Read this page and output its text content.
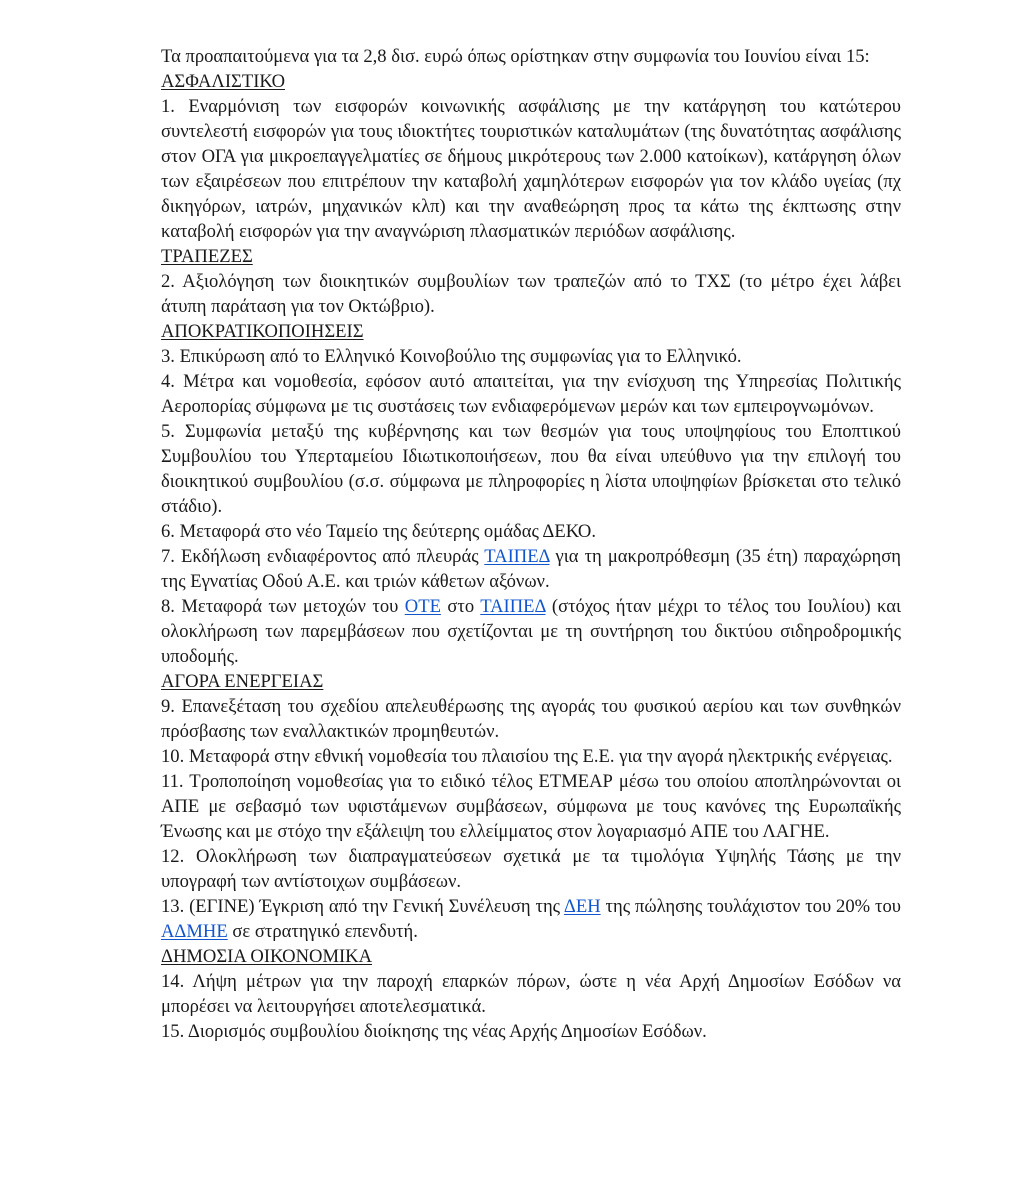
Τα προαπαιτούμενα για τα 2,8 δισ. ευρώ όπως ορίστηκαν στην συμφωνία του Ιουνίου είναι 15:

ΑΣΦΑΛΙΣΤΙΚΟ

1. Εναρμόνιση των εισφορών κοινωνικής ασφάλισης με την κατάργηση του κατώτερου συντελεστή εισφορών για τους ιδιοκτήτες τουριστικών καταλυμάτων (της δυνατότητας ασφάλισης στον ΟΓΑ για μικροεπαγγελματίες σε δήμους μικρότερους των 2.000 κατοίκων), κατάργηση όλων των εξαιρέσεων που επιτρέπουν την καταβολή χαμηλότερων εισφορών για τον κλάδο υγείας (πχ δικηγόρων, ιατρών, μηχανικών κλπ) και την αναθεώρηση προς τα κάτω της έκπτωσης στην καταβολή εισφορών για την αναγνώριση πλασματικών περιόδων ασφάλισης.

ΤΡΑΠΕΖΕΣ

2. Αξιολόγηση των διοικητικών συμβουλίων των τραπεζών από το ΤΧΣ (το μέτρο έχει λάβει άτυπη παράταση για τον Οκτώβριο).

ΑΠΟΚΡΑΤΙΚΟΠΟΙΗΣΕΙΣ

3. Επικύρωση από το Ελληνικό Κοινοβούλιο της συμφωνίας για το Ελληνικό.

4. Μέτρα και νομοθεσία, εφόσον αυτό απαιτείται, για την ενίσχυση της Υπηρεσίας Πολιτικής Αεροπορίας σύμφωνα με τις συστάσεις των ενδιαφερόμενων μερών και των εμπειρογνωμόνων.

5. Συμφωνία μεταξύ της κυβέρνησης και των θεσμών για τους υποψηφίους του Εποπτικού Συμβουλίου του Υπερταμείου Ιδιωτικοποιήσεων, που θα είναι υπεύθυνο για την επιλογή του διοικητικού συμβουλίου (σ.σ. σύμφωνα με πληροφορίες η λίστα υποψηφίων βρίσκεται στο τελικό στάδιο).

6. Μεταφορά στο νέο Ταμείο της δεύτερης ομάδας ΔΕΚΟ.

7. Εκδήλωση ενδιαφέροντος από πλευράς ΤΑΙΠΕΔ για τη μακροπρόθεσμη (35 έτη) παραχώρηση της Εγνατίας Οδού Α.Ε. και τριών κάθετων αξόνων.

8. Μεταφορά των μετοχών του ΟΤΕ στο ΤΑΙΠΕΔ (στόχος ήταν μέχρι το τέλος του Ιουλίου) και ολοκλήρωση των παρεμβάσεων που σχετίζονται με τη συντήρηση του δικτύου σιδηροδρομικής υποδομής.

ΑΓΟΡΑ ΕΝΕΡΓΕΙΑΣ

9. Επανεξέταση του σχεδίου απελευθέρωσης της αγοράς του φυσικού αερίου και των συνθηκών πρόσβασης των εναλλακτικών προμηθευτών.

10. Μεταφορά στην εθνική νομοθεσία του πλαισίου της Ε.Ε. για την αγορά ηλεκτρικής ενέργειας.

11. Τροποποίηση νομοθεσίας για το ειδικό τέλος ΕΤΜΕΑΡ μέσω του οποίου αποπληρώνονται οι ΑΠΕ με σεβασμό των υφιστάμενων συμβάσεων, σύμφωνα με τους κανόνες της Ευρωπαϊκής Ένωσης και με στόχο την εξάλειψη του ελλείμματος στον λογαριασμό ΑΠΕ του ΛΑΓΗΕ.

12. Ολοκλήρωση των διαπραγματεύσεων σχετικά με τα τιμολόγια Υψηλής Τάσης με την υπογραφή των αντίστοιχων συμβάσεων.

13. (ΕΓΙΝΕ) Έγκριση από την Γενική Συνέλευση της ΔΕΗ της πώλησης τουλάχιστον του 20% του ΑΔΜΗΕ σε στρατηγικό επενδυτή.

ΔΗΜΟΣΙΑ ΟΙΚΟΝΟΜΙΚΑ

14. Λήψη μέτρων για την παροχή επαρκών πόρων, ώστε η νέα Αρχή Δημοσίων Εσόδων να μπορέσει να λειτουργήσει αποτελεσματικά.

15. Διορισμός συμβουλίου διοίκησης της νέας Αρχής Δημοσίων Εσόδων.
